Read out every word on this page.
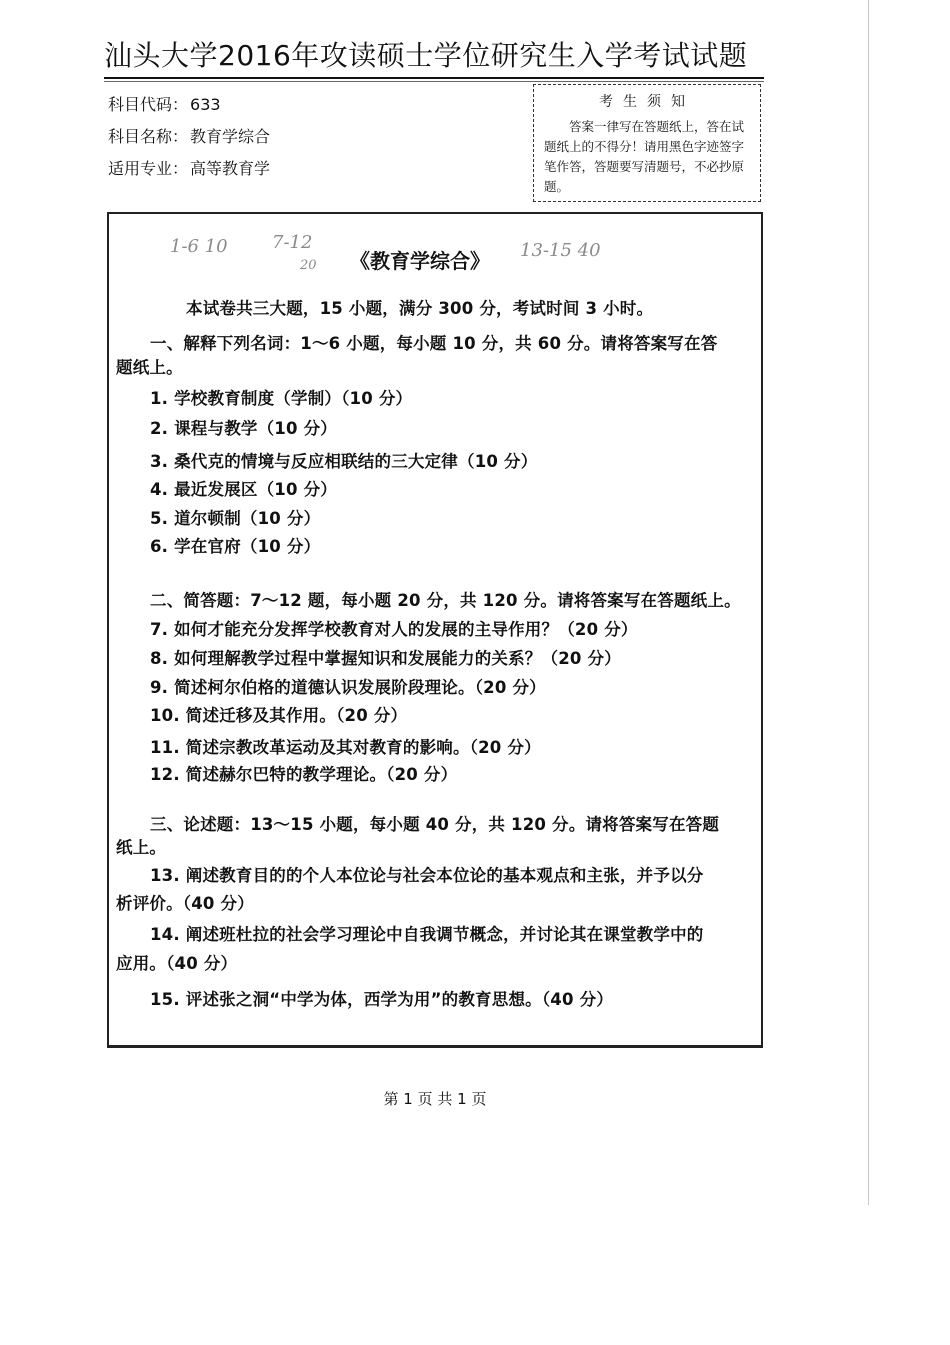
汕头大学2016年攻读硕士学位研究生入学考试试题
科目代码： 633
科目名称： 教育学综合
适用专业： 高等教育学
考生须知
答案一律写在答题纸上，答在试题纸上的不得分！请用黑色字迹签字笔作答，答题要写清题号，不必抄原题。
1-6 10 7-12
20
13-15 40
《教育学综合》
本试卷共三大题，15 小题，满分 300 分，考试时间 3 小时。
一、解释下列名词：1～6 小题，每小题 10 分，共 60 分。请将答案写在答
题纸上。
1. 学校教育制度（学制）（10 分）
2. 课程与教学（10 分）
3. 桑代克的情境与反应相联结的三大定律（10 分）
4. 最近发展区（10 分）
5. 道尔顿制（10 分）
6. 学在官府（10 分）
二、简答题：7～12 题，每小题 20 分，共 120 分。请将答案写在答题纸上。
7. 如何才能充分发挥学校教育对人的发展的主导作用？（20 分）
8. 如何理解教学过程中掌握知识和发展能力的关系？（20 分）
9. 简述柯尔伯格的道德认识发展阶段理论。（20 分）
10. 简述迁移及其作用。（20 分）
11. 简述宗教改革运动及其对教育的影响。（20 分）
12. 简述赫尔巴特的教学理论。（20 分）
三、论述题：13～15 小题，每小题 40 分，共 120 分。请将答案写在答题
纸上。
13. 阐述教育目的的个人本位论与社会本位论的基本观点和主张，并予以分
析评价。（40 分）
14. 阐述班杜拉的社会学习理论中自我调节概念，并讨论其在课堂教学中的
应用。（40 分）
15. 评述张之洞“中学为体，西学为用”的教育思想。（40 分）
第 1 页 共 1 页
